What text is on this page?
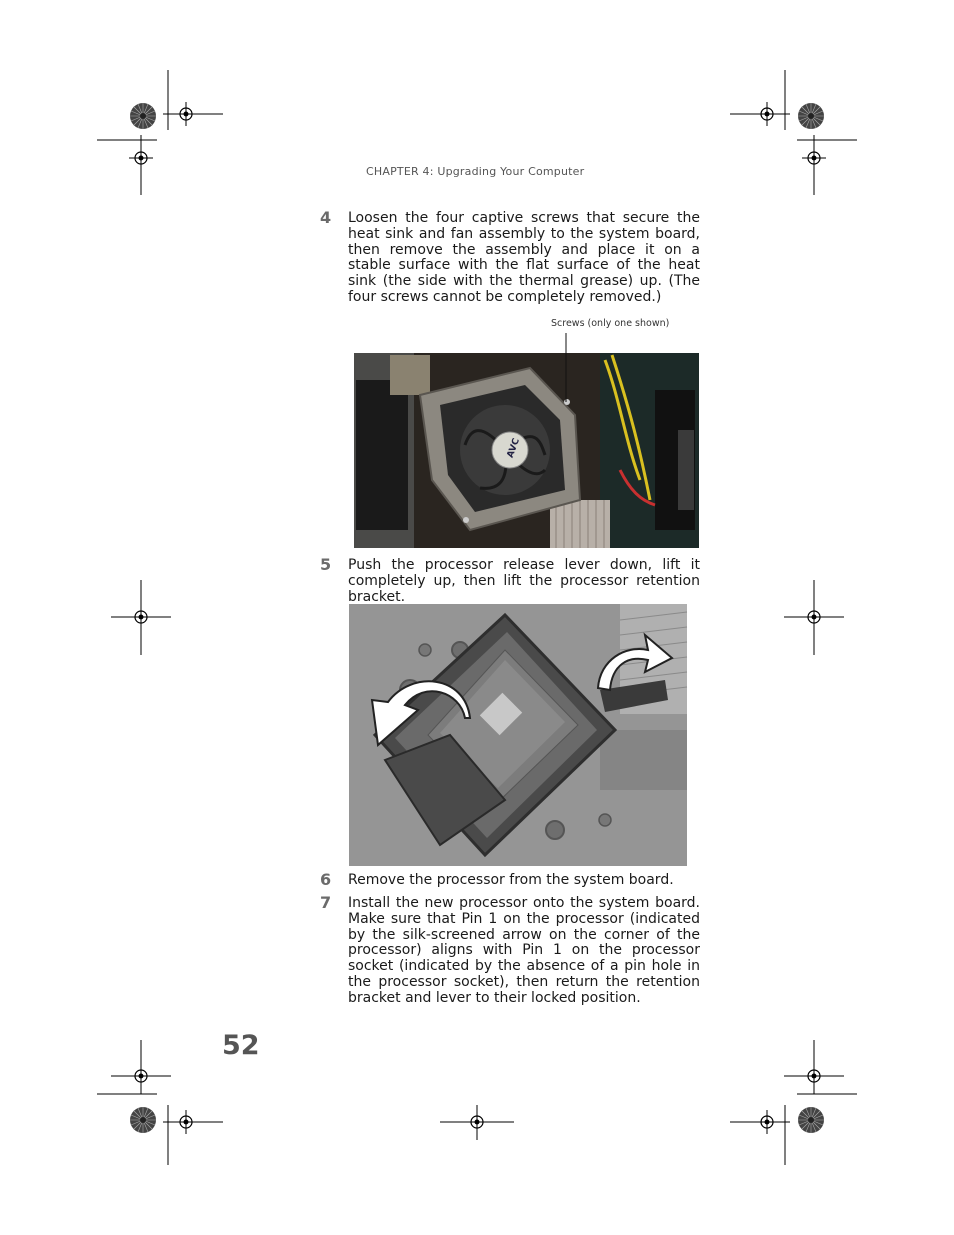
AVC
CHAPTER 4: Upgrading Your Computer
4 Loosen the four captive screws that secure the heat sink and fan assembly to the system board, then remove the assembly and place it on a stable surface with the flat surface of the heat sink (the side with the thermal grease) up. (The four screws cannot be completely removed.)
Screws (only one shown)
5 Push the processor release lever down, lift it completely up, then lift the processor retention bracket.
6 Remove the processor from the system board.
7 Install the new processor onto the system board. Make sure that Pin 1 on the processor (indicated by the silk-screened arrow on the corner of the processor) aligns with Pin 1 on the processor socket (indicated by the absence of a pin hole in the processor socket), then return the retention bracket and lever to their locked position.
52
